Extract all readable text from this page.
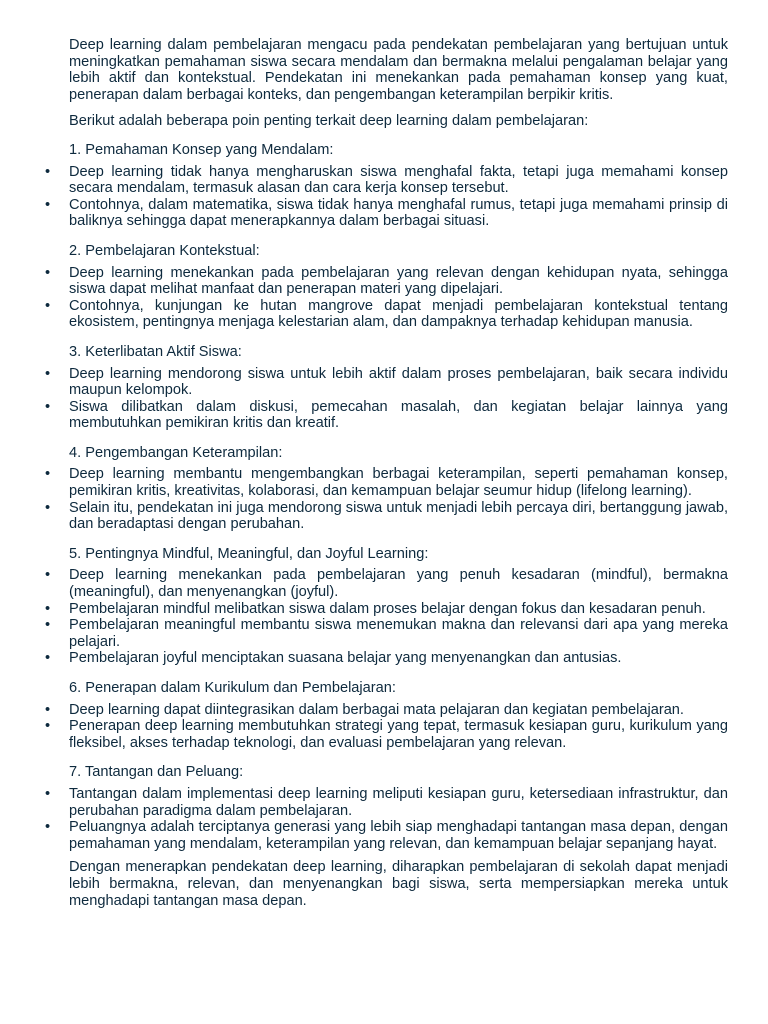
Deep learning dalam pembelajaran mengacu pada pendekatan pembelajaran yang bertujuan untuk meningkatkan pemahaman siswa secara mendalam dan bermakna melalui pengalaman belajar yang lebih aktif dan kontekstual. Pendekatan ini menekankan pada pemahaman konsep yang kuat, penerapan dalam berbagai konteks, dan pengembangan keterampilan berpikir kritis.

Berikut adalah beberapa poin penting terkait deep learning dalam pembelajaran:

1. Pemahaman Konsep yang Mendalam:

• Deep learning tidak hanya mengharuskan siswa menghafal fakta, tetapi juga memahami konsep secara mendalam, termasuk alasan dan cara kerja konsep tersebut.
• Contohnya, dalam matematika, siswa tidak hanya menghafal rumus, tetapi juga memahami prinsip di baliknya sehingga dapat menerapkannya dalam berbagai situasi.

2. Pembelajaran Kontekstual:

• Deep learning menekankan pada pembelajaran yang relevan dengan kehidupan nyata, sehingga siswa dapat melihat manfaat dan penerapan materi yang dipelajari.
• Contohnya, kunjungan ke hutan mangrove dapat menjadi pembelajaran kontekstual tentang ekosistem, pentingnya menjaga kelestarian alam, dan dampaknya terhadap kehidupan manusia.

3. Keterlibatan Aktif Siswa:

• Deep learning mendorong siswa untuk lebih aktif dalam proses pembelajaran, baik secara individu maupun kelompok.
• Siswa dilibatkan dalam diskusi, pemecahan masalah, dan kegiatan belajar lainnya yang membutuhkan pemikiran kritis dan kreatif.

4. Pengembangan Keterampilan:

• Deep learning membantu mengembangkan berbagai keterampilan, seperti pemahaman konsep, pemikiran kritis, kreativitas, kolaborasi, dan kemampuan belajar seumur hidup (lifelong learning).
• Selain itu, pendekatan ini juga mendorong siswa untuk menjadi lebih percaya diri, bertanggung jawab, dan beradaptasi dengan perubahan.

5. Pentingnya Mindful, Meaningful, dan Joyful Learning:

• Deep learning menekankan pada pembelajaran yang penuh kesadaran (mindful), bermakna (meaningful), dan menyenangkan (joyful).
• Pembelajaran mindful melibatkan siswa dalam proses belajar dengan fokus dan kesadaran penuh.
• Pembelajaran meaningful membantu siswa menemukan makna dan relevansi dari apa yang mereka pelajari.
• Pembelajaran joyful menciptakan suasana belajar yang menyenangkan dan antusias.

6. Penerapan dalam Kurikulum dan Pembelajaran:

• Deep learning dapat diintegrasikan dalam berbagai mata pelajaran dan kegiatan pembelajaran.
• Penerapan deep learning membutuhkan strategi yang tepat, termasuk kesiapan guru, kurikulum yang fleksibel, akses terhadap teknologi, dan evaluasi pembelajaran yang relevan.

7. Tantangan dan Peluang:

• Tantangan dalam implementasi deep learning meliputi kesiapan guru, ketersediaan infrastruktur, dan perubahan paradigma dalam pembelajaran.
• Peluangnya adalah terciptanya generasi yang lebih siap menghadapi tantangan masa depan, dengan pemahaman yang mendalam, keterampilan yang relevan, dan kemampuan belajar sepanjang hayat.

Dengan menerapkan pendekatan deep learning, diharapkan pembelajaran di sekolah dapat menjadi lebih bermakna, relevan, dan menyenangkan bagi siswa, serta mempersiapkan mereka untuk menghadapi tantangan masa depan.
